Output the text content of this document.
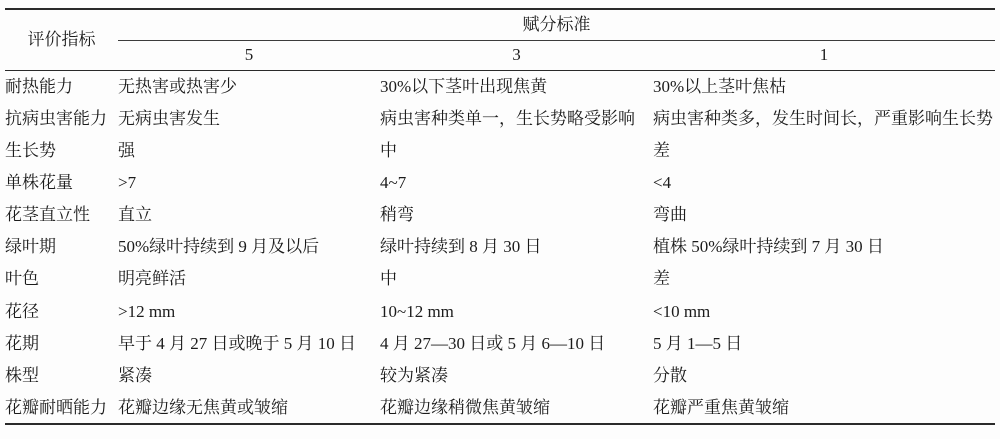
评价指标	赋分标准		
	5	3	1
耐热能力	无热害或热害少	30%以下茎叶出现焦黄	30%以上茎叶焦枯
抗病虫害能力	无病虫害发生	病虫害种类单一，生长势略受影响	病虫害种类多，发生时间长，严重影响生长势
生长势	强	中	差
单株花量	>7	4~7	<4
花茎直立性	直立	稍弯	弯曲
绿叶期	50%绿叶持续到 9 月及以后	绿叶持续到 8 月 30 日	植株 50%绿叶持续到 7 月 30 日
叶色	明亮鲜活	中	差
花径	>12 mm	10~12 mm	<10 mm
花期	早于 4 月 27 日或晚于 5 月 10 日	4 月 27—30 日或 5 月 6—10 日	5 月 1—5 日
株型	紧凑	较为紧凑	分散
花瓣耐晒能力	花瓣边缘无焦黄或皱缩	花瓣边缘稍微焦黄皱缩	花瓣严重焦黄皱缩
